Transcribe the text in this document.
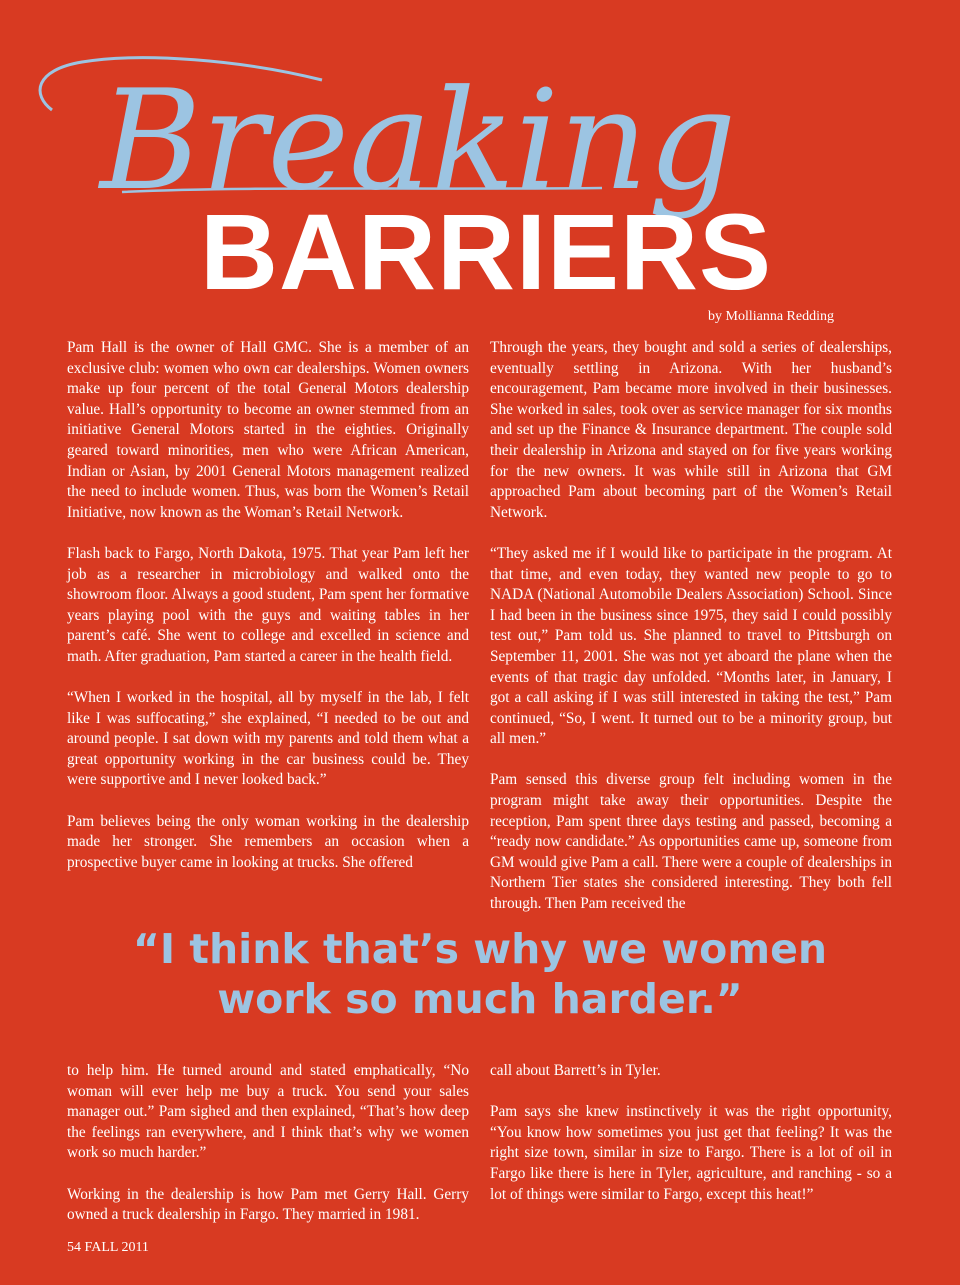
Breaking
BARRIERS
by Mollianna Redding

Pam Hall is the owner of Hall GMC. She is a member of an exclusive club: women who own car dealerships. Women owners make up four percent of the total General Motors dealership value. Hall’s opportunity to become an owner stemmed from an initiative General Motors started in the eighties. Originally geared toward minorities, men who were African American, Indian or Asian, by 2001 General Motors management realized the need to include women. Thus, was born the Women’s Retail Initiative, now known as the Woman’s Retail Network.

Flash back to Fargo, North Dakota, 1975. That year Pam left her job as a researcher in microbiology and walked onto the showroom floor. Always a good student, Pam spent her formative years playing pool with the guys and waiting tables in her parent’s café. She went to college and excelled in science and math. After graduation, Pam started a career in the health field.

“When I worked in the hospital, all by myself in the lab, I felt like I was suffocating,” she explained, “I needed to be out and around people. I sat down with my parents and told them what a great opportunity working in the car business could be. They were supportive and I never looked back.”

Pam believes being the only woman working in the dealership made her stronger. She remembers an occasion when a prospective buyer came in looking at trucks. She offered

Through the years, they bought and sold a series of dealerships, eventually settling in Arizona. With her husband’s encouragement, Pam became more involved in their businesses. She worked in sales, took over as service manager for six months and set up the Finance & Insurance department. The couple sold their dealership in Arizona and stayed on for five years working for the new owners. It was while still in Arizona that GM approached Pam about becoming part of the Women’s Retail Network.

“They asked me if I would like to participate in the program. At that time, and even today, they wanted new people to go to NADA (National Automobile Dealers Association) School. Since I had been in the business since 1975, they said I could possibly test out,” Pam told us. She planned to travel to Pittsburgh on September 11, 2001. She was not yet aboard the plane when the events of that tragic day unfolded. “Months later, in January, I got a call asking if I was still interested in taking the test,” Pam continued, “So, I went. It turned out to be a minority group, but all men.”

Pam sensed this diverse group felt including women in the program might take away their opportunities. Despite the reception, Pam spent three days testing and passed, becoming a “ready now candidate.” As opportunities came up, someone from GM would give Pam a call. There were a couple of dealerships in Northern Tier states she considered interesting. They both fell through. Then Pam received the

“I think that’s why we women
work so much harder.”

to help him. He turned around and stated emphatically, “No woman will ever help me buy a truck. You send your sales manager out.” Pam sighed and then explained, “That’s how deep the feelings ran everywhere, and I think that’s why we women work so much harder.”

Working in the dealership is how Pam met Gerry Hall. Gerry owned a truck dealership in Fargo. They married in 1981.

call about Barrett’s in Tyler.

Pam says she knew instinctively it was the right opportunity, “You know how sometimes you just get that feeling? It was the right size town, similar in size to Fargo. There is a lot of oil in Fargo like there is here in Tyler, agriculture, and ranching - so a lot of things were similar to Fargo, except this heat!”

54 FALL 2011
